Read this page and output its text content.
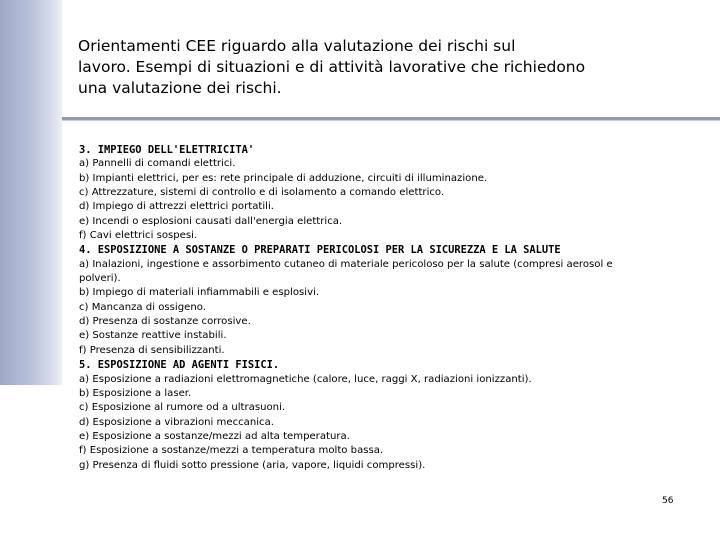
Orientamenti CEE riguardo alla valutazione dei rischi sul
lavoro. Esempi di situazioni e di attività lavorative che richiedono
una valutazione dei rischi.
3. IMPIEGO DELL'ELETTRICITA'
a) Pannelli di comandi elettrici.
b) Impianti elettrici, per es: rete principale di adduzione, circuiti di illuminazione.
c) Attrezzature, sistemi di controllo e di isolamento a comando elettrico.
d) Impiego di attrezzi elettrici portatili.
e) Incendi o esplosioni causati dall'energia elettrica.
f) Cavi elettrici sospesi.
4. ESPOSIZIONE A SOSTANZE O PREPARATI PERICOLOSI PER LA SICUREZZA E LA SALUTE
a) Inalazioni, ingestione e assorbimento cutaneo di materiale pericoloso per la salute (compresi aerosol e polveri).
b) Impiego di materiali infiammabili e esplosivi.
c) Mancanza di ossigeno.
d) Presenza di sostanze corrosive.
e) Sostanze reattive instabili.
f) Presenza di sensibilizzanti.
5. ESPOSIZIONE AD AGENTI FISICI.
a) Esposizione a radiazioni elettromagnetiche (calore, luce, raggi X, radiazioni ionizzanti).
b) Esposizione a laser.
c) Esposizione al rumore od a ultrasuoni.
d) Esposizione a vibrazioni meccanica.
e) Esposizione a sostanze/mezzi ad alta temperatura.
f) Esposizione a sostanze/mezzi a temperatura molto bassa.
g) Presenza di fluidi sotto pressione (aria, vapore, liquidi compressi).
56
